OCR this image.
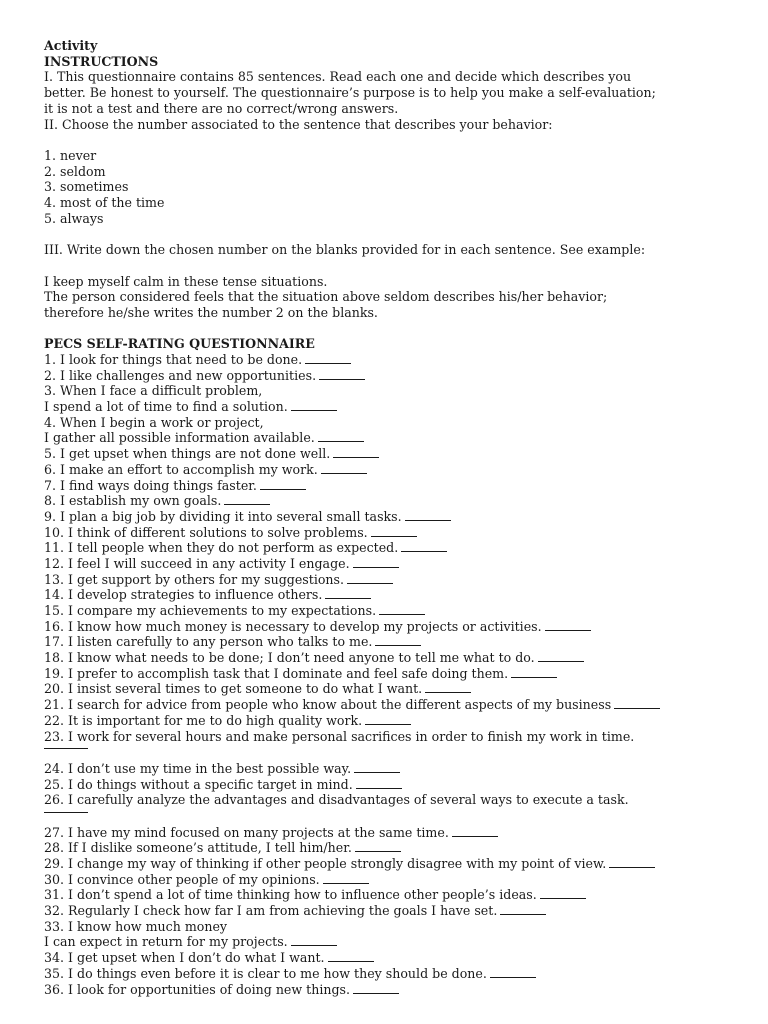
Activity
INSTRUCTIONS
I. This questionnaire contains 85 sentences. Read each one and decide which describes you
better. Be honest to yourself. The questionnaire’s purpose is to help you make a self-evaluation;
it is not a test and there are no correct/wrong answers.
II. Choose the number associated to the sentence that describes your behavior:
1. never
2. seldom
3. sometimes
4. most of the time
5. always
III. Write down the chosen number on the blanks provided for in each sentence. See example:
I keep myself calm in these tense situations.
The person considered feels that the situation above seldom describes his/her behavior;
therefore he/she writes the number 2 on the blanks.
PECS SELF-RATING QUESTIONNAIRE
1. I look for things that need to be done.
2. I like challenges and new opportunities.
3. When I face a difficult problem,
I spend a lot of time to find a solution.
4. When I begin a work or project,
I gather all possible information available.
5. I get upset when things are not done well.
6. I make an effort to accomplish my work.
7. I find ways doing things faster.
8. I establish my own goals.
9. I plan a big job by dividing it into several small tasks.
10. I think of different solutions to solve problems.
11. I tell people when they do not perform as expected.
12. I feel I will succeed in any activity I engage.
13. I get support by others for my suggestions.
14. I develop strategies to influence others.
15. I compare my achievements to my expectations.
16. I know how much money is necessary to develop my projects or activities.
17. I listen carefully to any person who talks to me.
18. I know what needs to be done; I don’t need anyone to tell me what to do.
19. I prefer to accomplish task that I dominate and feel safe doing them.
20. I insist several times to get someone to do what I want.
21. I search for advice from people who know about the different aspects of my business
22. It is important for me to do high quality work.
23. I work for several hours and make personal sacrifices in order to finish my work in time.
24. I don’t use my time in the best possible way.
25. I do things without a specific target in mind.
26. I carefully analyze the advantages and disadvantages of several ways to execute a task.
27. I have my mind focused on many projects at the same time.
28. If I dislike someone’s attitude, I tell him/her.
29. I change my way of thinking if other people strongly disagree with my point of view.
30. I convince other people of my opinions.
31. I don’t spend a lot of time thinking how to influence other people’s ideas.
32. Regularly I check how far I am from achieving the goals I have set.
33. I know how much money
I can expect in return for my projects.
34. I get upset when I don’t do what I want.
35. I do things even before it is clear to me how they should be done.
36. I look for opportunities of doing new things.
